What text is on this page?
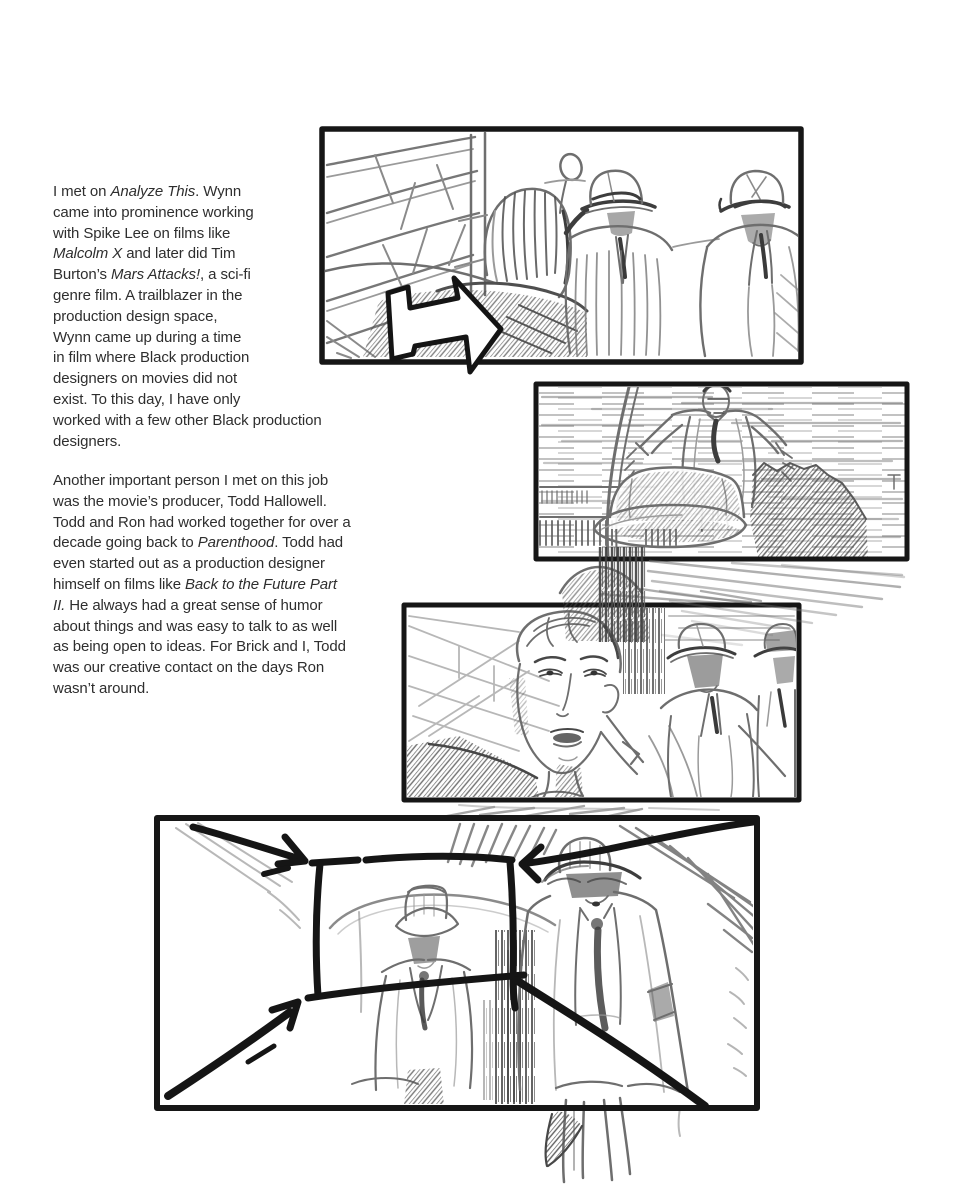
I met on Analyze This. Wynn
came into prominence working
with Spike Lee on films like
Malcolm X and later did Tim
Burton’s Mars Attacks!, a sci-fi
genre film. A trailblazer in the
production design space,
Wynn came up during a time
in film where Black production
designers on movies did not
exist. To this day, I have only
worked with a few other Black production
designers.
Another important person I met on this job
was the movie’s producer, Todd Hallowell.
Todd and Ron had worked together for over a
decade going back to Parenthood. Todd had
even started out as a production designer
himself on films like Back to the Future Part
II. He always had a great sense of humor
about things and was easy to talk to as well
as being open to ideas. For Brick and I, Todd
was our creative contact on the days Ron
wasn’t around.
